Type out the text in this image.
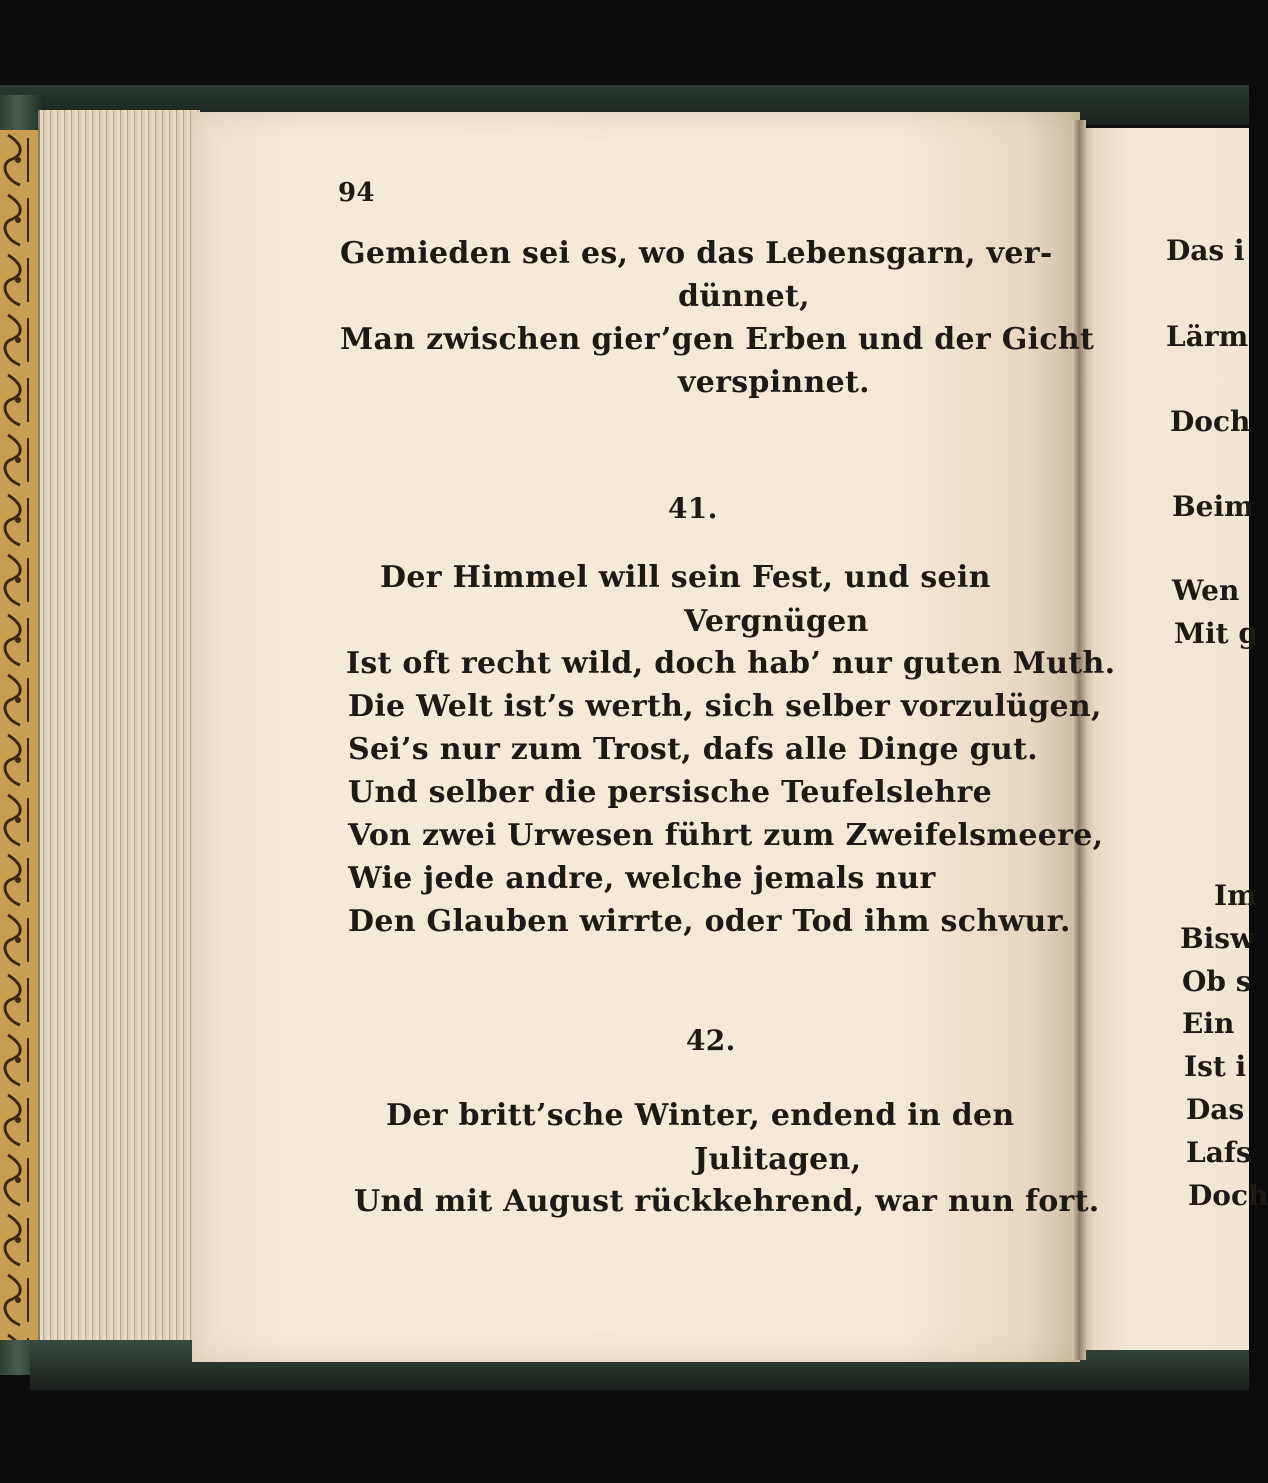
94
Gemieden sei es, wo das Lebensgarn, ver-
dünnet,
Man zwischen gier’gen Erben und der Gicht
verspinnet.
41.
Der Himmel will sein Fest, und sein
Vergnügen
Ist oft recht wild, doch hab’ nur guten Muth.
Die Welt ist’s werth, sich selber vorzulügen,
Sei’s nur zum Trost, dafs alle Dinge gut.
Und selber die persische Teufelslehre
Von zwei Urwesen führt zum Zweifelsmeere,
Wie jede andre, welche jemals nur
Den Glauben wirrte, oder Tod ihm schwur.
42.
Der britt’sche Winter, endend in den
Julitagen,
Und mit August rückkehrend, war nun fort.
Das i
Lärm
Doch
Beim
Wen
Mit g
Im
Bisw
Ob s
Ein
Ist i
Das
Lafs
Doch
